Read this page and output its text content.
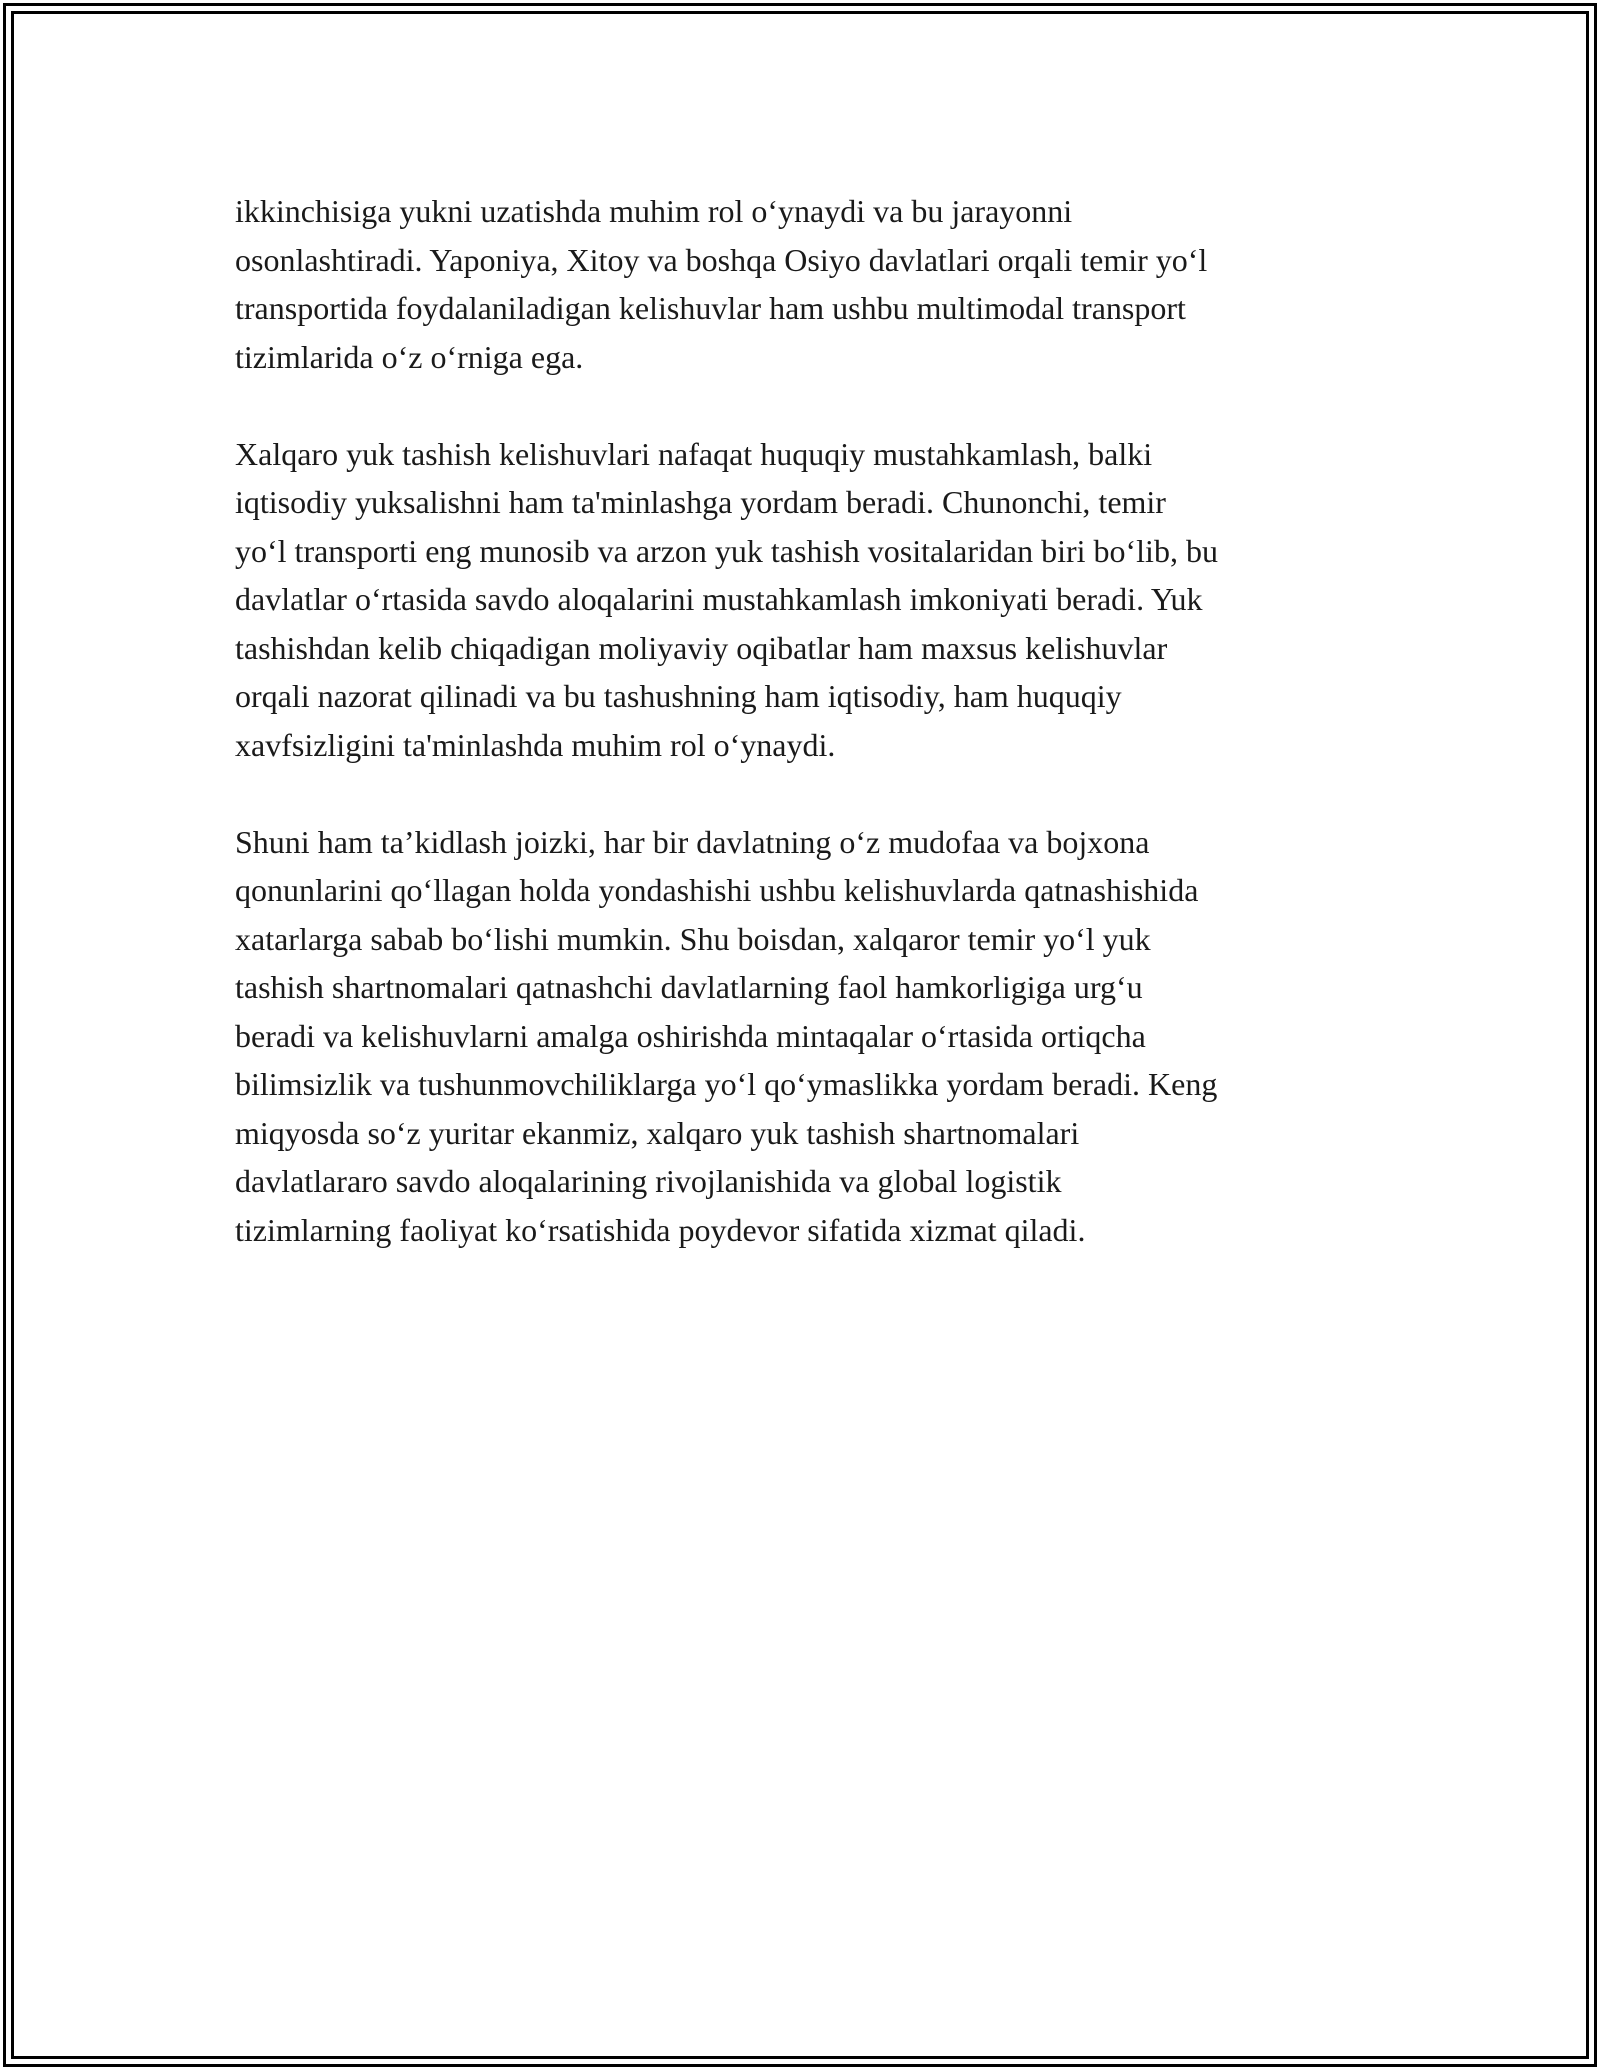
ikkinchisiga yukni uzatishda muhim rol o‘ynaydi va bu jarayonni
osonlashtiradi. Yaponiya, Xitoy va boshqa Osiyo davlatlari orqali temir yo‘l
transportida foydalaniladigan kelishuvlar ham ushbu multimodal transport
tizimlarida o‘z o‘rniga ega.

Xalqaro yuk tashish kelishuvlari nafaqat huquqiy mustahkamlash, balki
iqtisodiy yuksalishni ham ta'minlashga yordam beradi. Chunonchi, temir
yo‘l transporti eng munosib va arzon yuk tashish vositalaridan biri bo‘lib, bu
davlatlar o‘rtasida savdo aloqalarini mustahkamlash imkoniyati beradi. Yuk
tashishdan kelib chiqadigan moliyaviy oqibatlar ham maxsus kelishuvlar
orqali nazorat qilinadi va bu tashushning ham iqtisodiy, ham huquqiy
xavfsizligini ta'minlashda muhim rol o‘ynaydi.

Shuni ham ta’kidlash joizki, har bir davlatning o‘z mudofaa va bojxona
qonunlarini qo‘llagan holda yondashishi ushbu kelishuvlarda qatnashishida
xatarlarga sabab bo‘lishi mumkin. Shu boisdan, xalqaror temir yo‘l yuk
tashish shartnomalari qatnashchi davlatlarning faol hamkorligiga urg‘u
beradi va kelishuvlarni amalga oshirishda mintaqalar o‘rtasida ortiqcha
bilimsizlik va tushunmovchiliklarga yo‘l qo‘ymaslikka yordam beradi. Keng
miqyosda so‘z yuritar ekanmiz, xalqaro yuk tashish shartnomalari
davlatlararo savdo aloqalarining rivojlanishida va global logistik
tizimlarning faoliyat ko‘rsatishida poydevor sifatida xizmat qiladi.
